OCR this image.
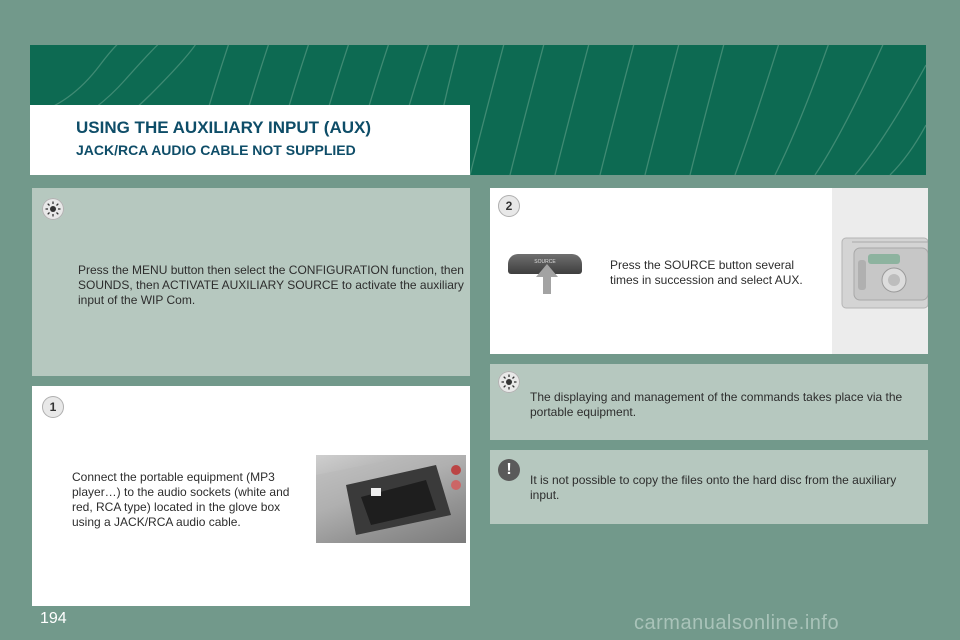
USING THE AUXILIARY INPUT (AUX)
JACK/RCA AUDIO CABLE NOT SUPPLIED
Press the MENU button then select the CONFIGURATION function, then SOUNDS, then ACTIVATE AUXILIARY SOURCE to activate the auxiliary input of the WIP Com.
1
Connect the portable equipment (MP3 player…) to the audio sockets (white and red, RCA type) located in the glove box using a JACK/RCA audio cable.
2
SOURCE	Press the SOURCE button several times in succession and select AUX.
The displaying and management of the commands takes place via the portable equipment.
!
It is not possible to copy the files onto the hard disc from the auxiliary input.
194	carmanualsonline.info
